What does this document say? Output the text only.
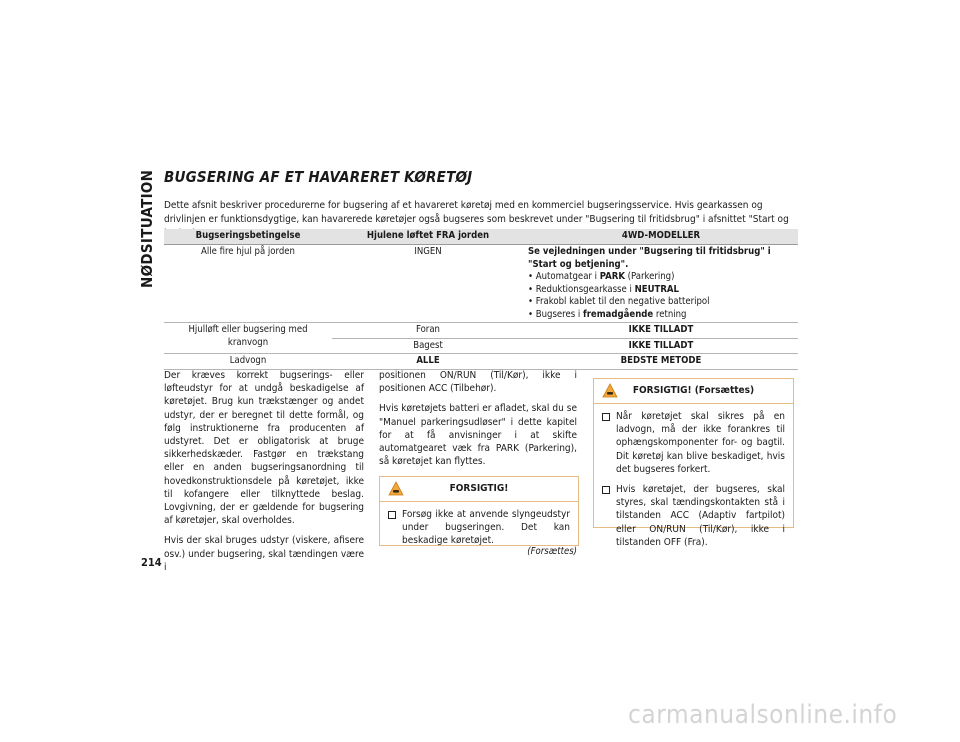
NØDSITUATION
214
BUGSERING AF ET HAVARERET KØRETØJ

Dette afsnit beskriver procedurerne for bugsering af et havareret køretøj med en kommerciel bugseringsservice. Hvis gearkassen og drivlinjen er funktionsdygtige, kan havarerede køretøjer også bugseres som beskrevet under "Bugsering til fritidsbrug" i afsnittet "Start og

Bugseringsbetingelse	Hjulene løftet FRA jorden	4WD-MODELLER
Alle fire hjul på jorden	INGEN	Se vejledningen under "Bugsering til fritidsbrug" i "Start og betjening".
• Automatgear i PARK (Parkering)
• Reduktionsgearkasse i NEUTRAL
• Frakobl kablet til den negative batteripol
• Bugseres i fremadgående retning

Hjulløft eller bugsering med kranvogn	Foran	IKKE TILLADT
	Bagest	IKKE TILLADT
Ladvogn	ALLE	BEDSTE METODE

Der kræves korrekt bugserings- eller løfteudstyr for at undgå beskadigelse af køretøjet. Brug kun trækstænger og andet udstyr, der er beregnet til dette formål, og følg instruktionerne fra producenten af udstyret. Det er obligatorisk at bruge sikkerhedskæder. Fastgør en trækstang eller en anden bugseringsanordning til hovedkonstruktionsdele på køretøjet, ikke til kofangere eller tilknyttede beslag. Lovgivning, der er gældende for bugsering af køretøjer, skal overholdes.

Hvis der skal bruges udstyr (viskere, afisere osv.) under bugsering, skal tændingen være i

positionen ON/RUN (Til/Kør), ikke i positionen ACC (Tilbehør).

Hvis køretøjets batteri er afladet, skal du se "Manuel parkeringsudløser" i dette kapitel for at få anvisninger i at skifte automatgearet væk fra PARK (Parkering), så køretøjet kan flyttes.

FORSIGTIG!
Forsøg ikke at anvende slyngeudstyr under bugseringen. Det kan beskadige køretøjet.
(Forsættes)
FORSIGTIG! (Forsættes)
Når køretøjet skal sikres på en ladvogn, må der ikke forankres til ophængskomponenter for- og bagtil. Dit køretøj kan blive beskadiget, hvis det bugseres forkert.
Hvis køretøjet, der bugseres, skal styres, skal tændingskontakten stå i tilstanden ACC (Adaptiv fartpilot) eller ON/RUN (Til/Kør), ikke i tilstanden OFF (Fra).
carmanualsonline.info
